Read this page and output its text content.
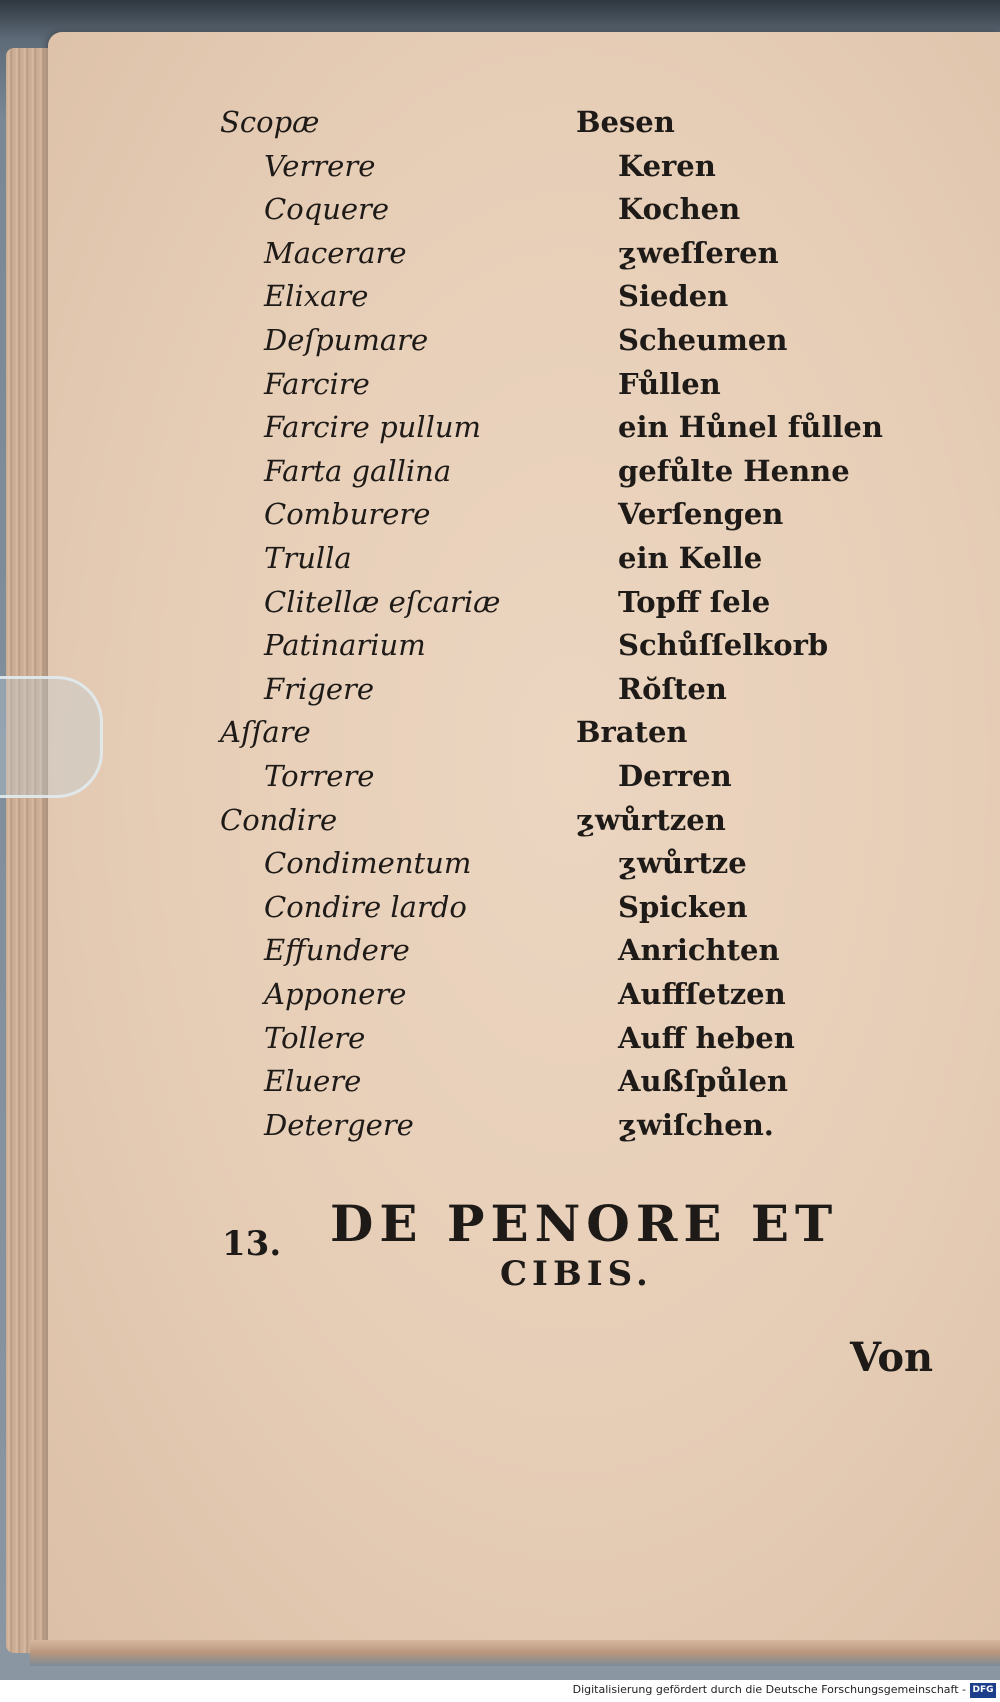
Scopæ	Besen
Verrere	Keren
Coquere	Kochen
Macerare	ƺweſſeren
Elixare	Sieden
Deſpumare	Scheumen
Farcire	Fůllen
Farcire pullum	ein Hůnel fůllen
Farta gallina	gefůlte Henne
Comburere	Verſengen
Trulla	ein Kelle
Clitellæ eſcariæ	Topff ſele
Patinarium	Schůſſelkorb
Frigere	Rŏſten
Aſſare	Braten
Torrere	Derren
Condire	ƺwůrtzen
Condimentum	ƺwůrtze
Condire lardo	Spicken
Effundere	Anrichten
Apponere	Auffſetzen
Tollere	Auff heben
Eluere	Außſpůlen
Detergere	ƺwiſchen.
13. DE PENORE ET
CIBIS.
Von
Digitalisierung gefördert durch die Deutsche Forschungsgemeinschaft - DFG
